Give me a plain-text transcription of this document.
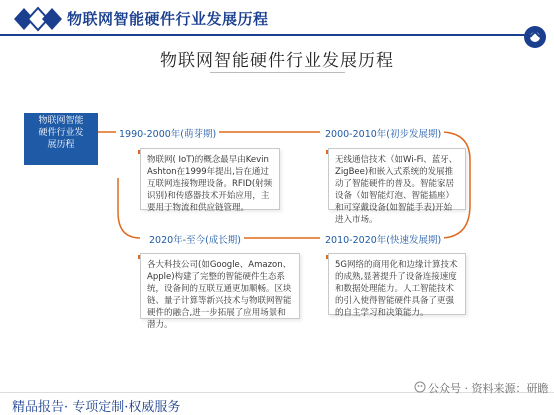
物联网智能硬件行业发展历程
物联网智能硬件行业发展历程
物联网智能
硬件行业发
展历程
1990-2000年(萌芽期)	2000-2010年(初步发展期)
2010-2020年(快速发展期)
2020年-至今(成长期)
物联网( IoT)的概念最早由Kevin Ashton在1999年提出,旨在通过互联网连接物理设备。RFID(射频识别)和传感器技术开始应用，主要用于物流和供应链管理。
无线通信技术（如Wi-Fi、蓝牙、ZigBee)和嵌入式系统的发展推动了智能硬件的普及。智能家居设备（如智能灯泡、智能插座）和可穿戴设备(如智能手表)开始进入市场。
5G网络的商用化和边缘计算技术的成熟,显著提升了设备连接速度和数据处理能力。人工智能技术的引入使得智能硬件具备了更强的自主学习和决策能力。
各大科技公司(如Google、Amazon、Apple)构建了完整的智能硬件生态系统，设备间的互联互通更加顺畅。区块链、量子计算等新兴技术与物联网智能硬件的融合,进一步拓展了应用场景和潜力。
精品报告· 专项定制·权威服务
公众号 · 资料来源：研瞻
